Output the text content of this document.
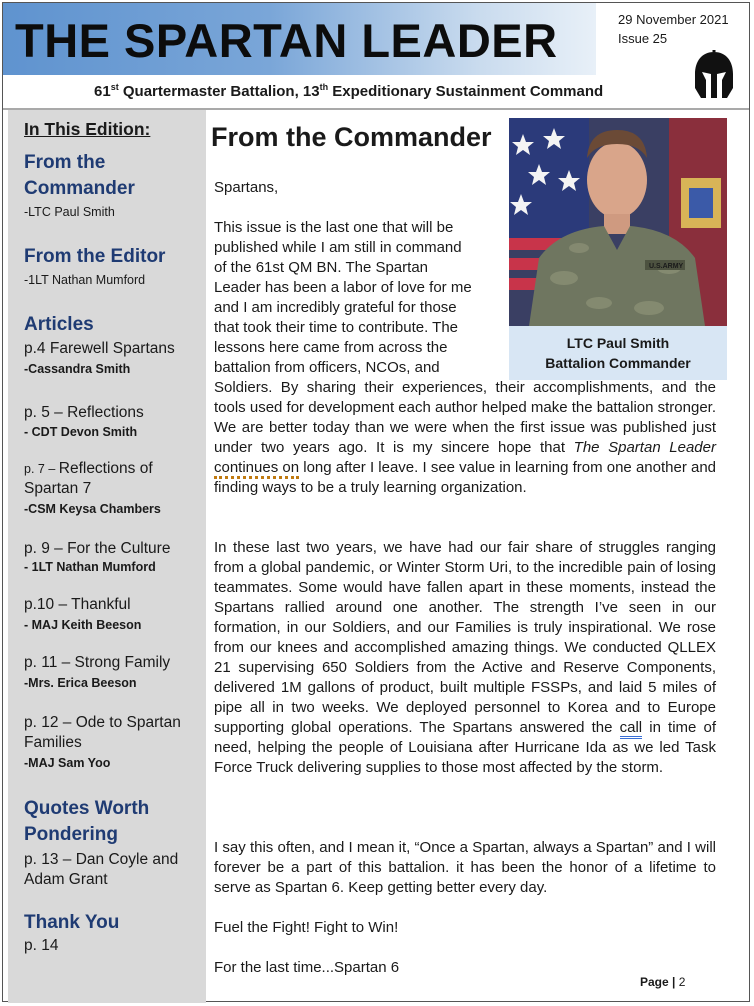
THE SPARTAN LEADER	29 November 2021
Issue 25
61st Quartermaster Battalion, 13th Expeditionary Sustainment Command
In This Edition:
From the Commander
-LTC Paul Smith
From the Editor
-1LT Nathan Mumford
Articles
p.4 Farewell Spartans
-Cassandra Smith
p. 5 – Reflections
- CDT Devon Smith
p. 7 – Reflections of Spartan 7
-CSM Keysa Chambers
p. 9 – For the Culture
- 1LT Nathan Mumford
p.10 – Thankful
- MAJ Keith Beeson
p. 11 – Strong Family
-Mrs. Erica Beeson
p. 12 – Ode to Spartan Families
-MAJ Sam Yoo
Quotes Worth Pondering
p. 13 – Dan Coyle and Adam Grant
Thank You
p. 14
From the Commander
U.S.ARMY
LTC Paul Smith
Battalion Commander
Spartans,
This issue is the last one that will be
published while I am still in command
of the 61st QM BN. The Spartan
Leader has been a labor of love for me
and I am incredibly grateful for those
that took their time to contribute. The
lessons here came from across the
battalion from officers, NCOs, and
Soldiers. By sharing their experiences, their accomplishments, and the tools used for development each author helped make the battalion stronger. We are better today than we were when the first issue was published just under two years ago. It is my sincere hope that The Spartan Leader continues on long after I leave. I see value in learning from one another and finding ways to be a truly learning organization.
In these last two years, we have had our fair share of struggles ranging from a global pandemic, or Winter Storm Uri, to the incredible pain of losing teammates. Some would have fallen apart in these moments, instead the Spartans rallied around one another. The strength I’ve seen in our formation, in our Soldiers, and our Families is truly inspirational. We rose from our knees and accomplished amazing things. We conducted QLLEX 21 supervising 650 Soldiers from the Active and Reserve Components, delivered 1M gallons of product, built multiple FSSPs, and laid 5 miles of pipe all in two weeks. We deployed personnel to Korea and to Europe supporting global operations. The Spartans answered the call in time of need, helping the people of Louisiana after Hurricane Ida as we led Task Force Truck delivering supplies to those most affected by the storm.
I say this often, and I mean it, “Once a Spartan, always a Spartan” and I will forever be a part of this battalion. it has been the honor of a lifetime to serve as Spartan 6. Keep getting better every day.
Fuel the Fight! Fight to Win!
For the last time...Spartan 6
Page | 2
